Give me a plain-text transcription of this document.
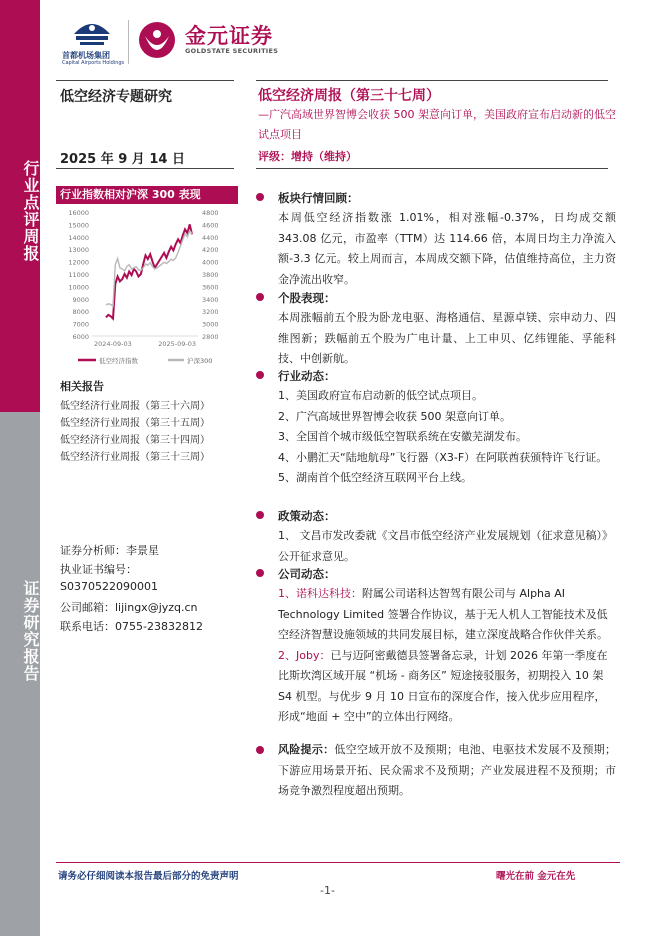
行业点评周报
证券研究报告
首都机场集团
Capital Airports Holdings
金元证券
GOLDSTATE SECURITIES
低空经济专题研究
2025 年 9 月 14 日
低空经济周报（第三十七周）
—广汽高域世界智博会收获 500 架意向订单，美国政府宣布启动新的低空试点项目
评级：增持（维持）
行业指数相对沪深 300 表现
6000
7000
8000
9000
10000
11000
12000
13000
14000
15000
16000
2800
3000
3200
3400
3600
3800
4000
4200
4400
4600
4800
2024-09-03	2025-09-03
低空经济指数	沪深300
相关报告
低空经济行业周报（第三十六周）
低空经济行业周报（第三十五周）
低空经济行业周报（第三十四周）
低空经济行业周报（第三十三周）
证券分析师：李景星
执业证书编号：
S0370522090001
公司邮箱：lijingx@jyzq.cn
联系电话：0755-23832812
板块行情回顾：
本周低空经济指数涨 1.01%，相对涨幅-0.37%，日均成交额 343.08 亿元，市盈率（TTM）达 114.66 倍，本周日均主力净流入额-3.3 亿元。较上周而言，本周成交额下降，估值维持高位，主力资金净流出收窄。
个股表现：
本周涨幅前五个股为卧龙电驱、海格通信、星源卓镁、宗申动力、四维图新；跌幅前五个股为广电计量、上工申贝、亿纬锂能、孚能科技、中创新航。
行业动态：
1、美国政府宣布启动新的低空试点项目。
2、广汽高域世界智博会收获 500 架意向订单。
3、全国首个城市级低空智联系统在安徽芜湖发布。
4、小鹏汇天“陆地航母”飞行器（X3-F）在阿联酋获颁特许飞行证。
5、湖南首个低空经济互联网平台上线。
政策动态：
1、 文昌市发改委就《文昌市低空经济产业发展规划（征求意见稿）》公开征求意见。
公司动态：
1、诺科达科技：附属公司诺科达智驾有限公司与 Alpha AI Technology Limited 签署合作协议，基于无人机人工智能技术及低空经济智慧设施领域的共同发展目标，建立深度战略合作伙伴关系。
2、Joby：已与迈阿密戴德县签署备忘录，计划 2026 年第一季度在比斯坎湾区域开展 “机场 - 商务区” 短途接驳服务，初期投入 10 架 S4 机型。与优步 9 月 10 日宣布的深度合作，接入优步应用程序，形成“地面 + 空中”的立体出行网络。
风险提示：低空空域开放不及预期；电池、电驱技术发展不及预期；下游应用场景开拓、民众需求不及预期；产业发展进程不及预期；市场竞争激烈程度超出预期。
请务必仔细阅读本报告最后部分的免责声明	曙光在前 金元在先
-1-
